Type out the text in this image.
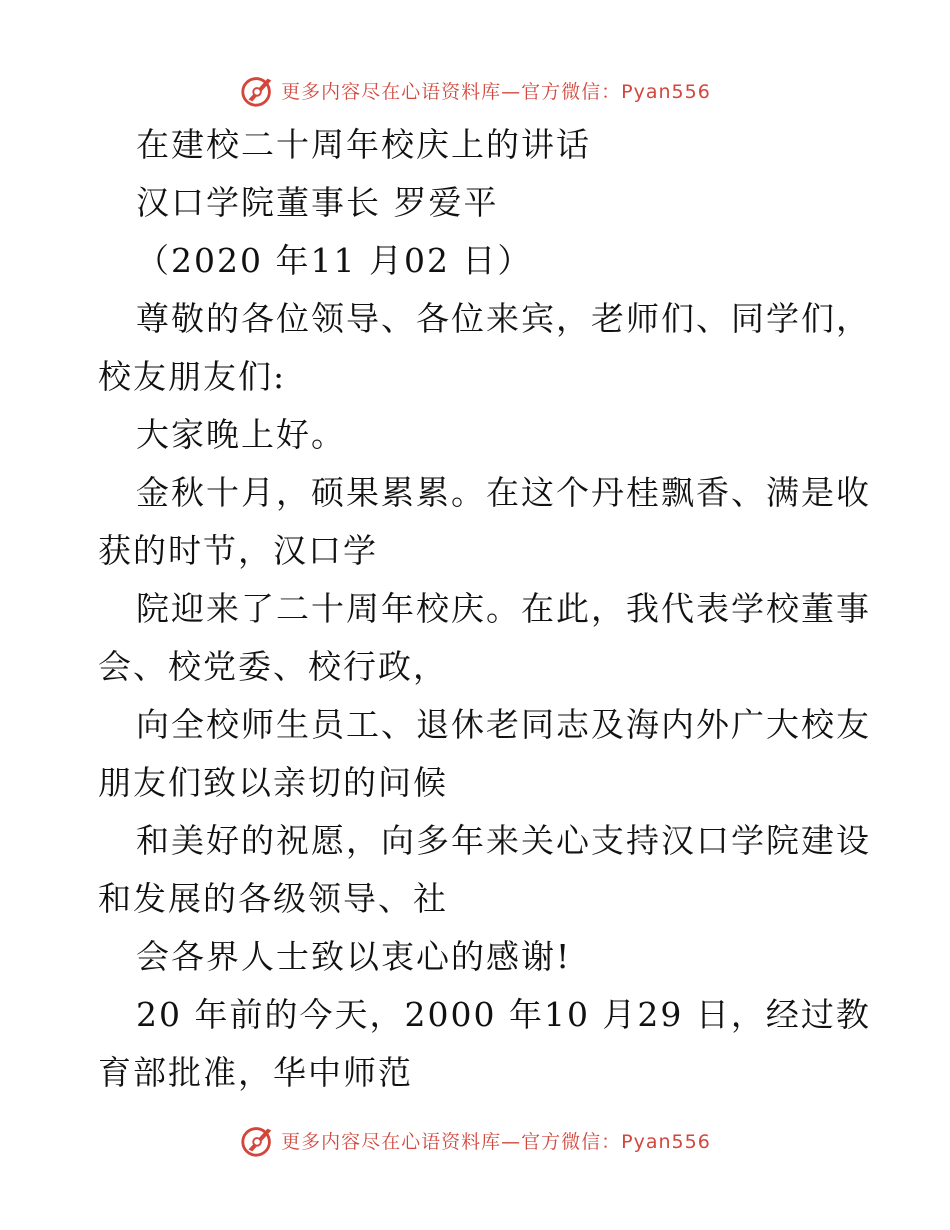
更多内容尽在心语资料库—官方微信：Pyan556
在建校二十周年校庆上的讲话
汉口学院董事长 罗爱平
（2020 年11 月02 日）
尊敬的各位领导、各位来宾，老师们、同学们，
校友朋友们:
大家晚上好。
金秋十月，硕果累累。在这个丹桂飘香、满是收
获的时节，汉口学
院迎来了二十周年校庆。在此，我代表学校董事
会、校党委、校行政，
向全校师生员工、退休老同志及海内外广大校友
朋友们致以亲切的问候
和美好的祝愿，向多年来关心支持汉口学院建设
和发展的各级领导、社
会各界人士致以衷心的感谢!
20 年前的今天，2000 年10 月29 日，经过教
育部批准，华中师范
更多内容尽在心语资料库—官方微信：Pyan556
